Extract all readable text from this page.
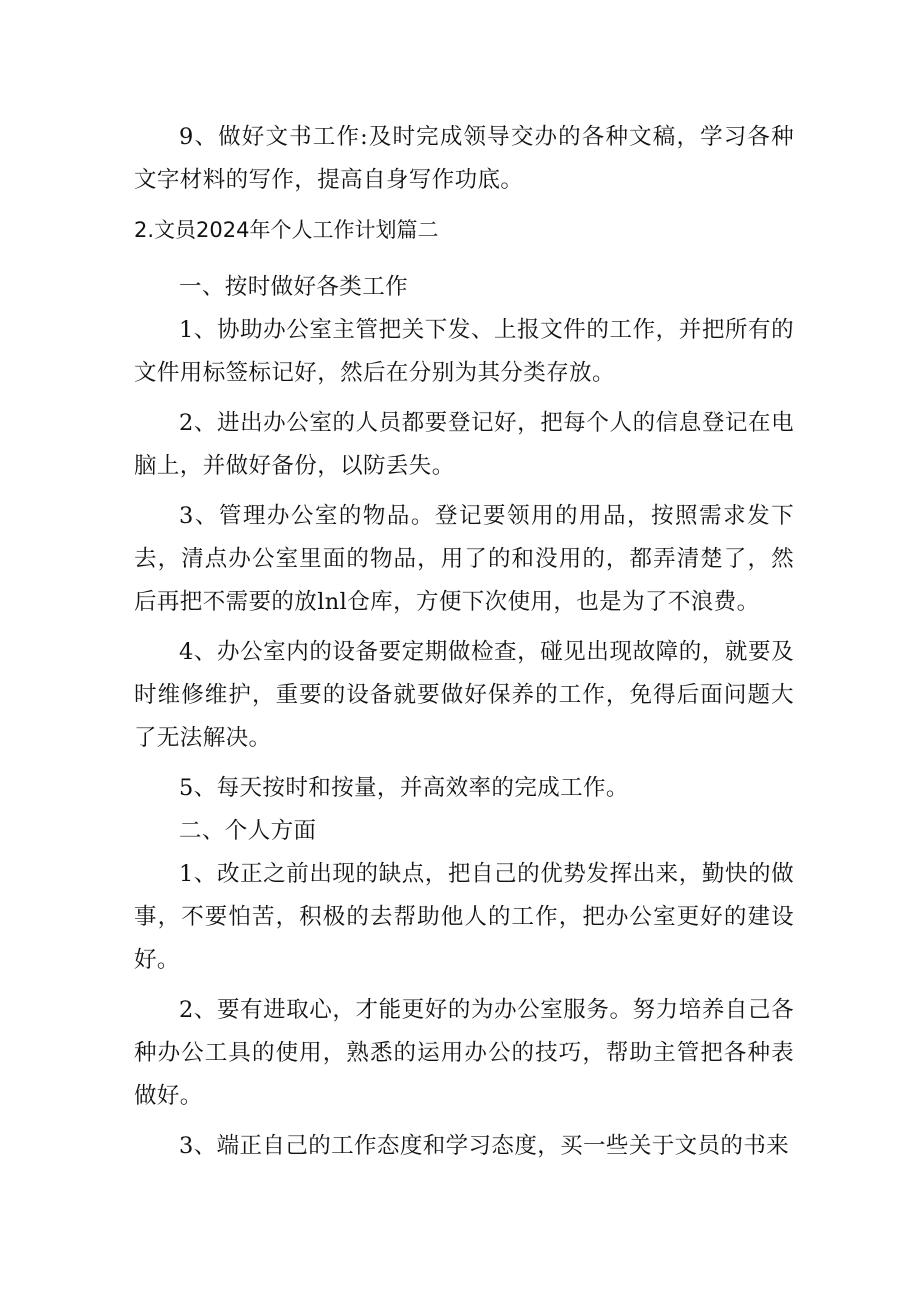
9、做好文书工作:及时完成领导交办的各种文稿，学习各种文字材料的写作，提高自身写作功底。

2.文员2024年个人工作计划篇二

一、按时做好各类工作

1、协助办公室主管把关下发、上报文件的工作，并把所有的文件用标签标记好，然后在分别为其分类存放。

2、进出办公室的人员都要登记好，把每个人的信息登记在电脑上，并做好备份，以防丢失。

3、管理办公室的物品。登记要领用的用品，按照需求发下去，清点办公室里面的物品，用了的和没用的，都弄清楚了，然后再把不需要的放lnl仓库，方便下次使用，也是为了不浪费。

4、办公室内的设备要定期做检查，碰见出现故障的，就要及时维修维护，重要的设备就要做好保养的工作，免得后面问题大了无法解决。

5、每天按时和按量，并高效率的完成工作。

二、个人方面

1、改正之前出现的缺点，把自己的优势发挥出来，勤快的做事，不要怕苦，积极的去帮助他人的工作，把办公室更好的建设好。

2、要有进取心，才能更好的为办公室服务。努力培养自己各种办公工具的使用，熟悉的运用办公的技巧，帮助主管把各种表做好。

3、端正自己的工作态度和学习态度，买一些关于文员的书来
